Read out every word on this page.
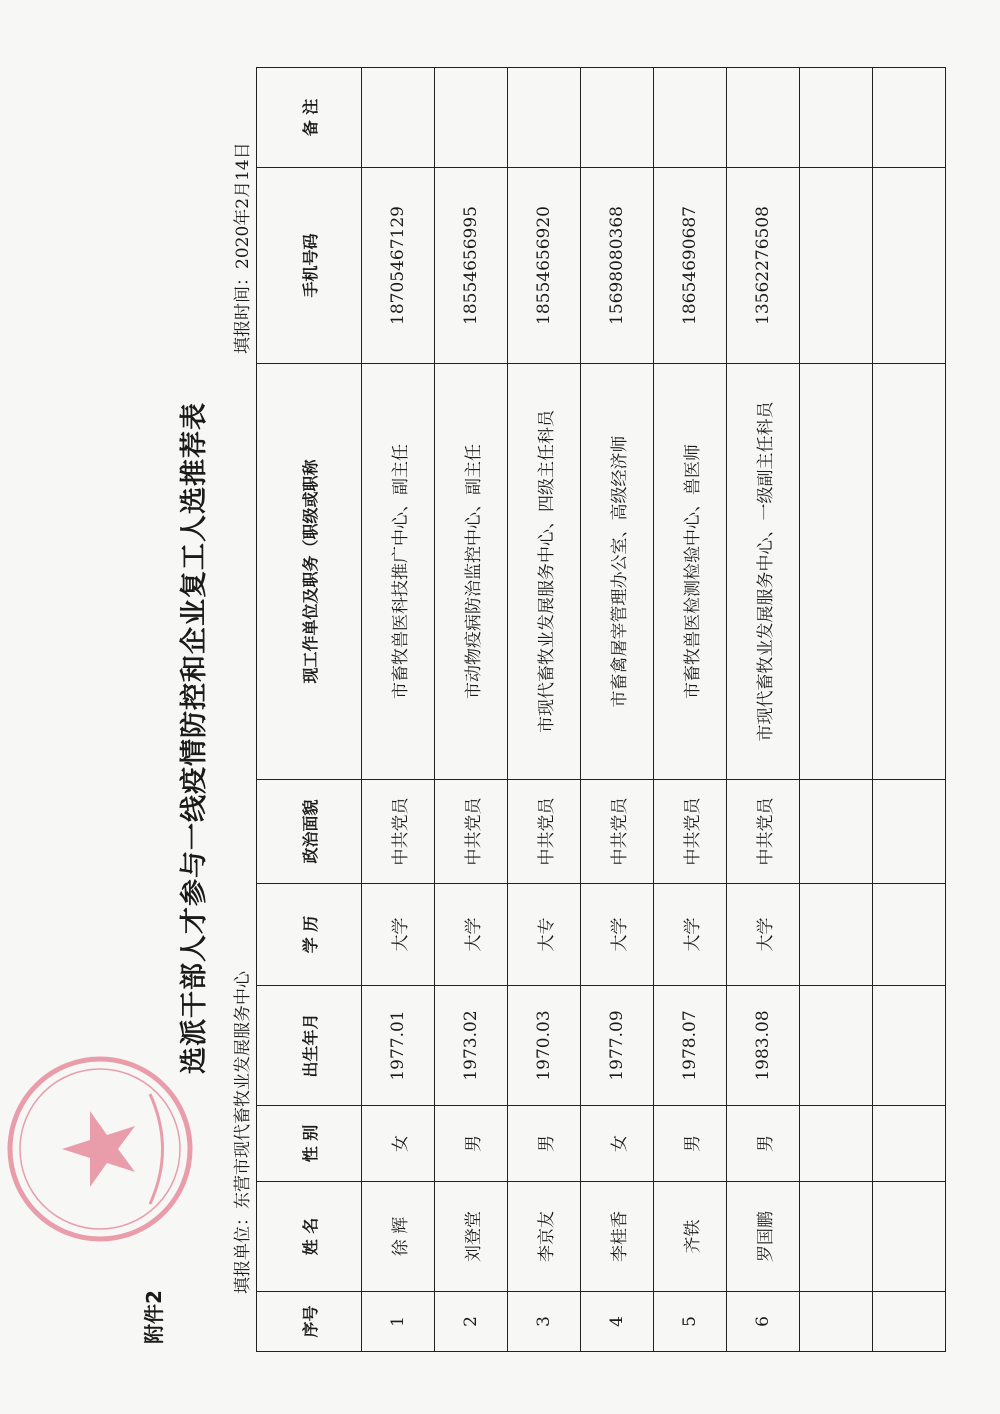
附件2
选派干部人才参与一线疫情防控和企业复工人选推荐表
填报单位：东营市现代畜牧业发展服务中心
填报时间：2020年2月14日
序号	姓 名	性 别	出生年月	学 历	政治面貌	现工作单位及职务（职级或职称	手机号码	备 注
1	徐 辉	女	1977.01	大学	中共党员	市畜牧兽医科技推广中心、副主任	18705467129	
2	刘登堂	男	1973.02	大学	中共党员	市动物疫病防治监控中心、副主任	18554656995	
3	李京友	男	1970.03	大专	中共党员	市现代畜牧业发展服务中心、四级主任科员	18554656920	
4	李桂香	女	1977.09	大学	中共党员	市畜禽屠宰管理办公室、高级经济师	15698080368	
5	齐铁	男	1978.07	大学	中共党员	市畜牧兽医检测检验中心、兽医师	18654690687	
6	罗国鹏	男	1983.08	大学	中共党员	市现代畜牧业发展服务中心、一级副主任科员	13562276508	
